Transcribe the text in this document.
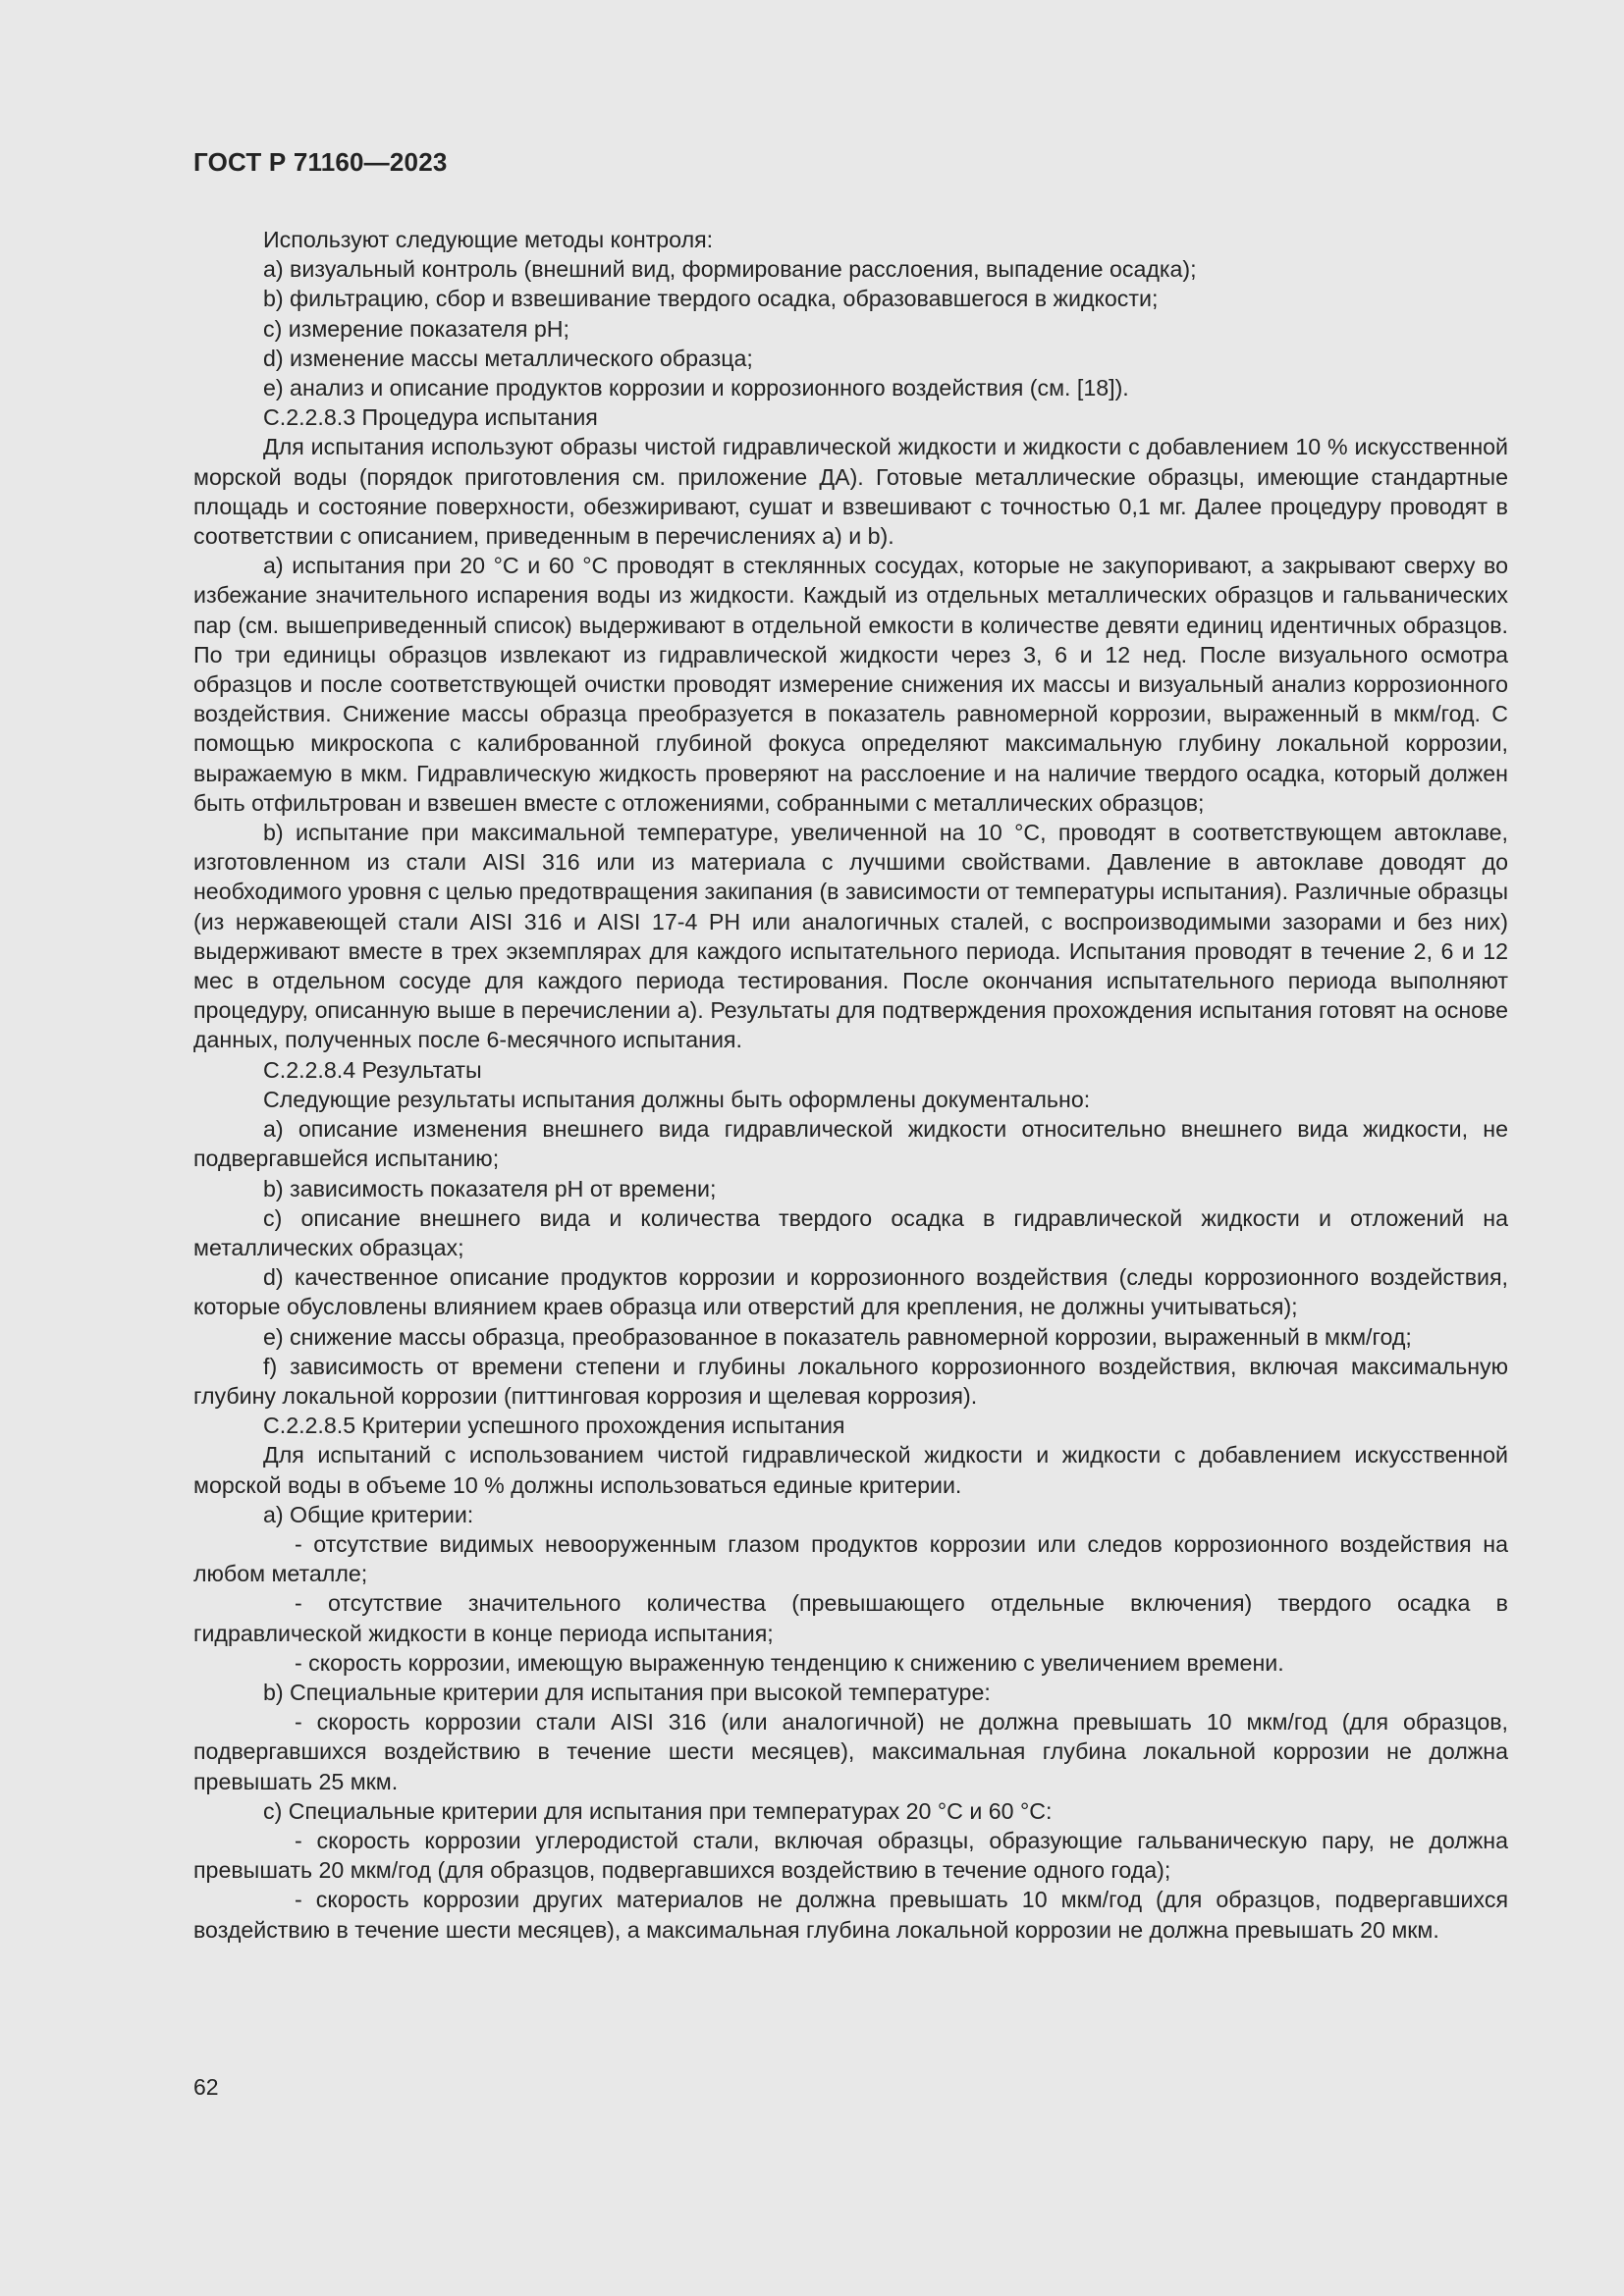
ГОСТ Р 71160—2023

Используют следующие методы контроля:

a) визуальный контроль (внешний вид, формирование расслоения, выпадение осадка);

b) фильтрацию, сбор и взвешивание твердого осадка, образовавшегося в жидкости;

c) измерение показателя pH;

d) изменение массы металлического образца;

e) анализ и описание продуктов коррозии и коррозионного воздействия (см. [18]).

С.2.2.8.3 Процедура испытания

Для испытания используют образы чистой гидравлической жидкости и жидкости с добавлением 10 % искусственной морской воды (порядок приготовления см. приложение ДА). Готовые металлические образцы, имеющие стандартные площадь и состояние поверхности, обезжиривают, сушат и взвешивают с точностью 0,1 мг. Далее процедуру проводят в соответствии с описанием, приведенным в перечислениях а) и b).

а) испытания при 20 °С и 60 °С проводят в стеклянных сосудах, которые не закупоривают, а закрывают сверху во избежание значительного испарения воды из жидкости. Каждый из отдельных металлических образцов и гальванических пар (см. вышеприведенный список) выдерживают в отдельной емкости в количестве девяти единиц идентичных образцов. По три единицы образцов извлекают из гидравлической жидкости через 3, 6 и 12 нед. После визуального осмотра образцов и после соответствующей очистки проводят измерение снижения их массы и визуальный анализ коррозионного воздействия. Снижение массы образца преобразуется в показатель равномерной коррозии, выраженный в мкм/год. С помощью микроскопа с калиброванной глубиной фокуса определяют максимальную глубину локальной коррозии, выражаемую в мкм. Гидравлическую жидкость проверяют на расслоение и на наличие твердого осадка, который должен быть отфильтрован и взвешен вместе с отложениями, собранными с металлических образцов;

b) испытание при максимальной температуре, увеличенной на 10 °С, проводят в соответствующем автоклаве, изготовленном из стали AISI 316 или из материала с лучшими свойствами. Давление в автоклаве доводят до необходимого уровня с целью предотвращения закипания (в зависимости от температуры испытания). Различные образцы (из нержавеющей стали AISI 316 и AISI 17-4 PH или аналогичных сталей, с воспроизводимыми зазорами и без них) выдерживают вместе в трех экземплярах для каждого испытательного периода. Испытания проводят в течение 2, 6 и 12 мес в отдельном сосуде для каждого периода тестирования. После окончания испытательного периода выполняют процедуру, описанную выше в перечислении а). Результаты для подтверждения прохождения испытания готовят на основе данных, полученных после 6-месячного испытания.

С.2.2.8.4 Результаты

Следующие результаты испытания должны быть оформлены документально:

а) описание изменения внешнего вида гидравлической жидкости относительно внешнего вида жидкости, не подвергавшейся испытанию;

b) зависимость показателя pH от времени;

c) описание внешнего вида и количества твердого осадка в гидравлической жидкости и отложений на металлических образцах;

d) качественное описание продуктов коррозии и коррозионного воздействия (следы коррозионного воздействия, которые обусловлены влиянием краев образца или отверстий для крепления, не должны учитываться);

e) снижение массы образца, преобразованное в показатель равномерной коррозии, выраженный в мкм/год;

f) зависимость от времени степени и глубины локального коррозионного воздействия, включая максимальную глубину локальной коррозии (питтинговая коррозия и щелевая коррозия).

С.2.2.8.5 Критерии успешного прохождения испытания

Для испытаний с использованием чистой гидравлической жидкости и жидкости с добавлением искусственной морской воды в объеме 10 % должны использоваться единые критерии.

а) Общие критерии:

- отсутствие видимых невооруженным глазом продуктов коррозии или следов коррозионного воздействия на любом металле;

- отсутствие значительного количества (превышающего отдельные включения) твердого осадка в гидравлической жидкости в конце периода испытания;

- скорость коррозии, имеющую выраженную тенденцию к снижению с увеличением времени.

b) Специальные критерии для испытания при высокой температуре:

- скорость коррозии стали AISI 316 (или аналогичной) не должна превышать 10 мкм/год (для образцов, подвергавшихся воздействию в течение шести месяцев), максимальная глубина локальной коррозии не должна превышать 25 мкм.

c) Специальные критерии для испытания при температурах 20 °С и 60 °С:

- скорость коррозии углеродистой стали, включая образцы, образующие гальваническую пару, не должна превышать 20 мкм/год (для образцов, подвергавшихся воздействию в течение одного года);

- скорость коррозии других материалов не должна превышать 10 мкм/год (для образцов, подвергавшихся воздействию в течение шести месяцев), а максимальная глубина локальной коррозии не должна превышать 20 мкм.

62
